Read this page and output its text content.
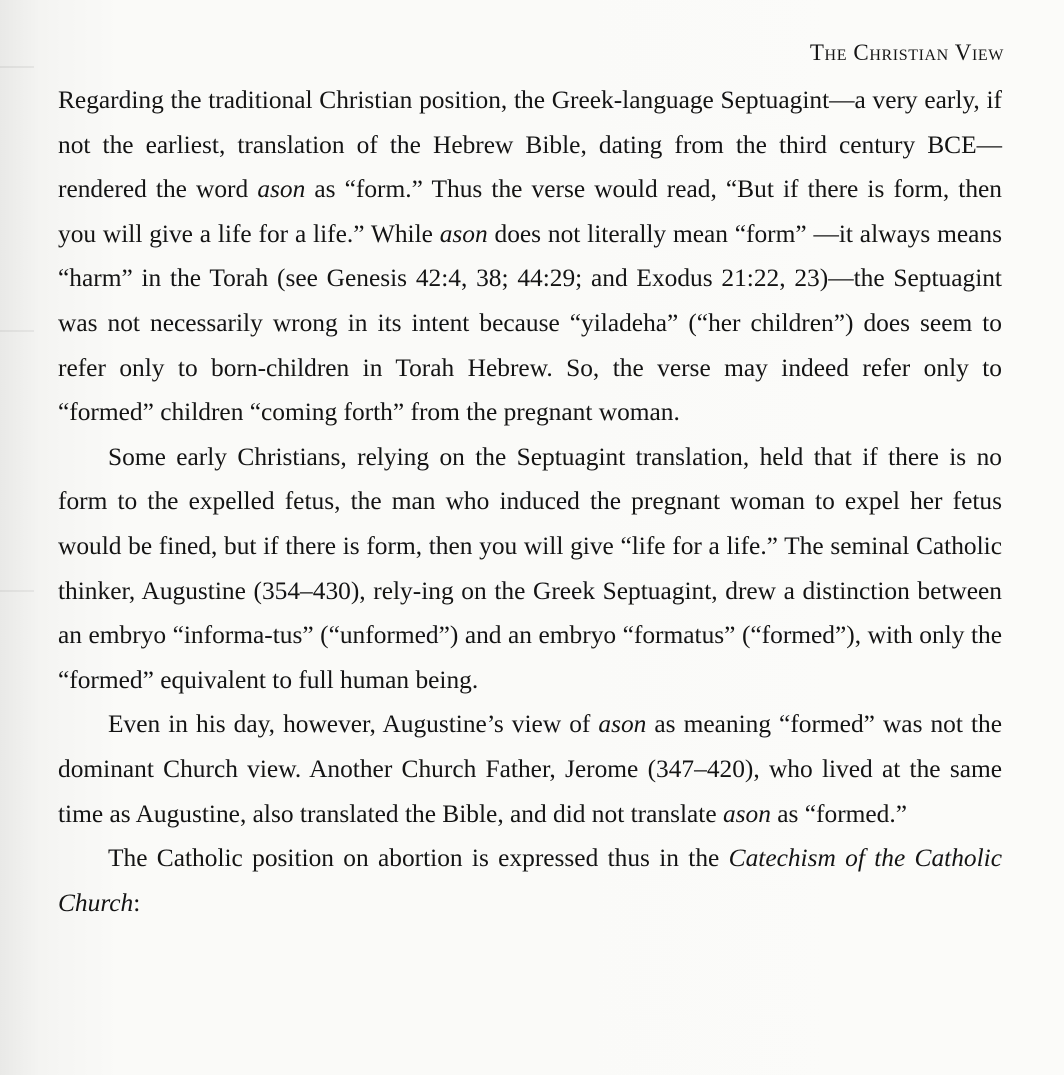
The Christian View

Regarding the traditional Christian position, the Greek-language Septuagint—a very early, if not the earliest, translation of the Hebrew Bible, dating from the third century BCE—rendered the word ason as “form.” Thus the verse would read, “But if there is form, then you will give a life for a life.” While ason does not literally mean “form” —it always means “harm” in the Torah (see Genesis 42:4, 38; 44:29; and Exodus 21:22, 23)—the Septuagint was not necessarily wrong in its intent because “yiladeha” (“her children”) does seem to refer only to born-children in Torah Hebrew. So, the verse may indeed refer only to “formed” children “coming forth” from the pregnant woman.

Some early Christians, relying on the Septuagint translation, held that if there is no form to the expelled fetus, the man who induced the pregnant woman to expel her fetus would be fined, but if there is form, then you will give “life for a life.” The seminal Catholic thinker, Augustine (354–430), rely-ing on the Greek Septuagint, drew a distinction between an embryo “informa-tus” (“unformed”) and an embryo “formatus” (“formed”), with only the “formed” equivalent to full human being.

Even in his day, however, Augustine’s view of ason as meaning “formed” was not the dominant Church view. Another Church Father, Jerome (347–420), who lived at the same time as Augustine, also translated the Bible, and did not translate ason as “formed.”

The Catholic position on abortion is expressed thus in the Catechism of the Catholic Church:
